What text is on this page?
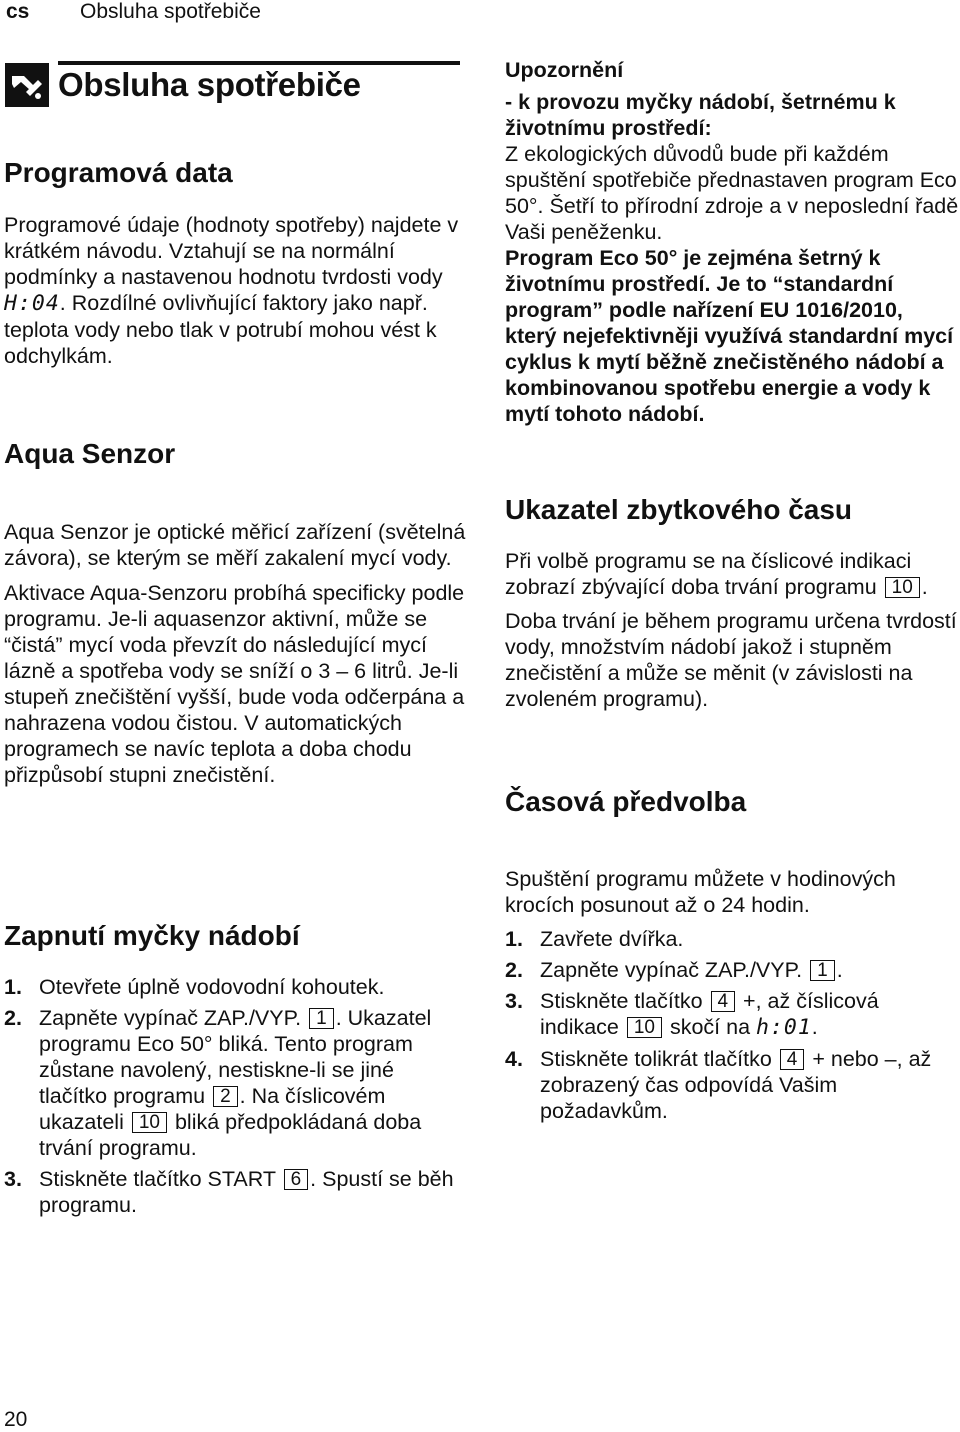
cs Obsluha spotřebiče
Obsluha spotřebiče

Programová data

Programové údaje (hodnoty spotřeby) najdete v krátkém návodu. Vztahují se na normální podmínky a nastavenou hodnotu tvrdosti vody H:04. Rozdílné ovlivňující faktory jako např. teplota vody nebo tlak v potrubí mohou vést k odchylkám.

Aqua Senzor

Aqua Senzor je optické měřicí zařízení (světelná závora), se kterým se měří zakalení mycí vody.

Aktivace Aqua-Senzoru probíhá specificky podle programu. Je-li aquasenzor aktivní, může se “čistá” mycí voda převzít do následující mycí lázně a spotřeba vody se sníží o 3 – 6 litrů. Je-li stupeň znečištění vyšší, bude voda odčerpána a nahrazena vodou čistou. V automatických programech se navíc teplota a doba chodu přizpůsobí stupni znečistění.

Zapnutí myčky nádobí

1. Otevřete úplně vodovodní kohoutek.
2. Zapněte vypínač ZAP./VYP. 1 . Ukazatel programu Eco 50° bliká. Tento program zůstane navolený, nestiskne-li se jiné tlačítko programu 2 . Na číslicovém ukazateli 10 bliká předpokládaná doba trvání programu.
3. Stiskněte tlačítko START 6 . Spustí se běh programu.

Upozornění

- k provozu myčky nádobí, šetrnému k životnímu prostředí:

Z ekologických důvodů bude při každém spuštění spotřebiče přednastaven program Eco 50°. Šetří to přírodní zdroje a v neposlední řadě Vaši peněženku.

Program Eco 50° je zejména šetrný k životnímu prostředí. Je to “standardní program” podle nařízení EU 1016/2010, který nejefektivněji využívá standardní mycí cyklus k mytí běžně znečistěného nádobí a kombinovanou spotřebu energie a vody k mytí tohoto nádobí.

Ukazatel zbytkového času

Při volbě programu se na číslicové indikaci zobrazí zbývající doba trvání programu 10 .

Doba trvání je během programu určena tvrdostí vody, množstvím nádobí jakož i stupněm znečistění a může se měnit (v závislosti na zvoleném programu).

Časová předvolba

Spuštění programu můžete v hodinových krocích posunout až o 24 hodin.

1. Zavřete dvířka.
2. Zapněte vypínač ZAP./VYP. 1 .
3. Stiskněte tlačítko 4 +, až číslicová indikace 10 skočí na h:01.
4. Stiskněte tolikrát tlačítko 4 + nebo –, až zobrazený čas odpovídá Vašim požadavkům.
20
